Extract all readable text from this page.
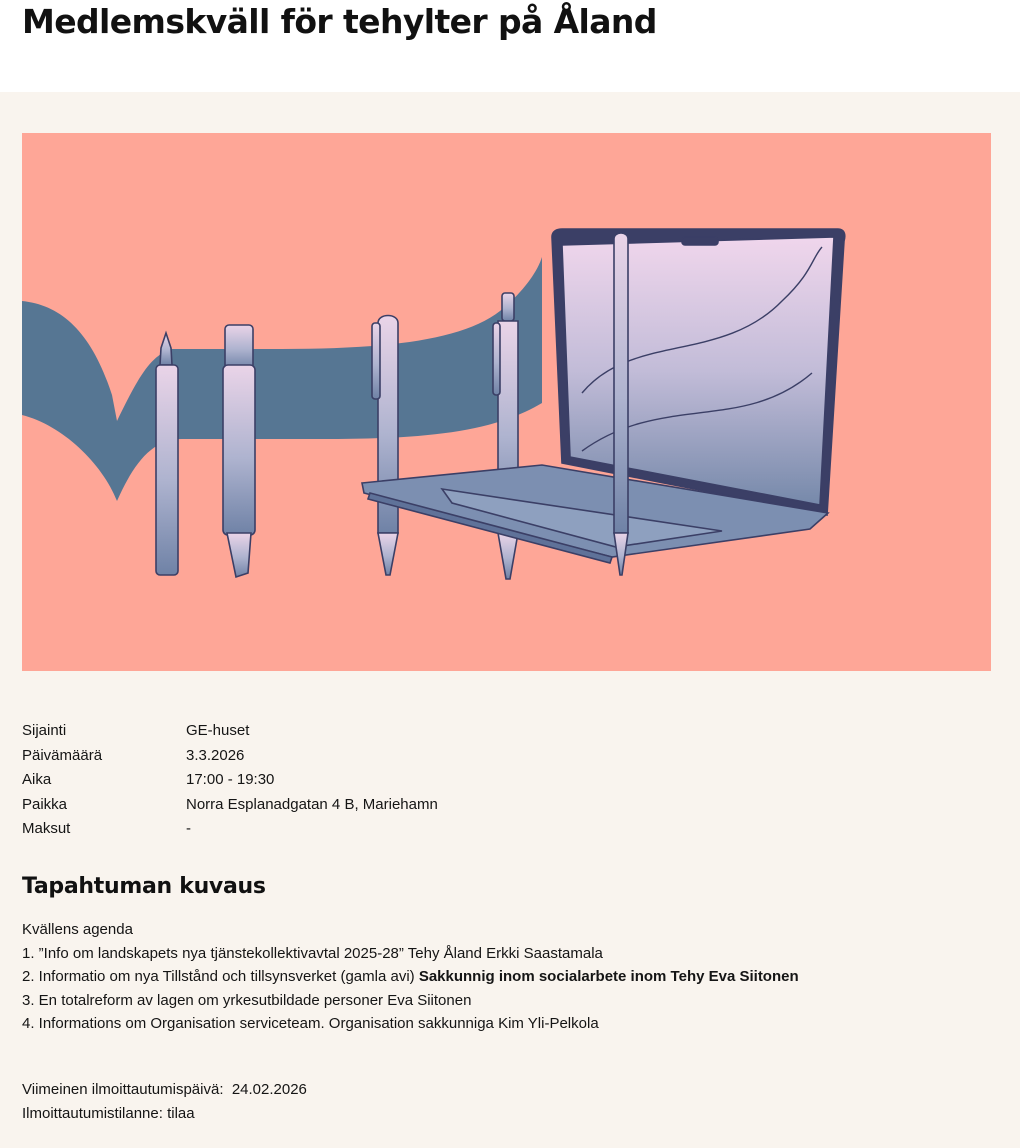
Medlemskväll för tehylter på Åland
Sijainti	GE-huset
Päivämäärä	3.3.2026
Aika	17:00 - 19:30
Paikka	Norra Esplanadgatan 4 B, Mariehamn
Maksut	-
Tapahtuman kuvaus
Kvällens agenda
1. ”Info om landskapets nya tjänstekollektivavtal 2025-28” Tehy Åland Erkki Saastamala
2. Informatio om nya Tillstånd och tillsynsverket (gamla avi) Sakkunnig inom socialarbete inom Tehy Eva Siitonen
3. En totalreform av lagen om yrkesutbildade personer Eva Siitonen
4. Informations om Organisation serviceteam. Organisation sakkunniga Kim Yli-Pelkola
Viimeinen ilmoittautumispäivä: 24.02.2026
Ilmoittautumistilanne: tilaa
